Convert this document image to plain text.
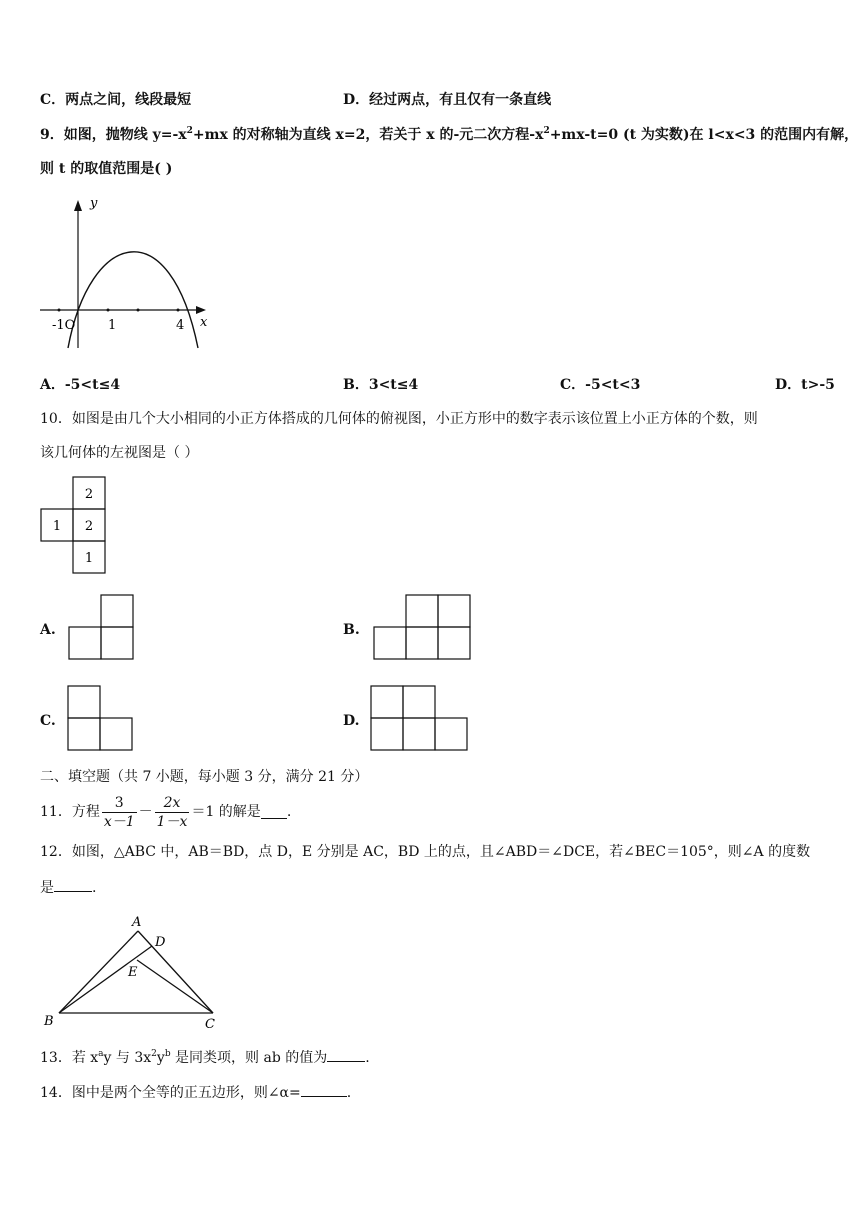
C．两点之间，线段最短	D．经过两点，有且仅有一条直线
9．如图，抛物线 $y=-x^2+mx$ 的对称轴为直线 x=2，若关于 x 的-元二次方程$-x^2+mx-t=0$ (t 为实数)在 l<x<3 的范围内有解，
则 t 的取值范围是( )
y
x
-1O	1	4
A．-5<t≤4	B．3<t≤4	C．-5<t<3	D．t>-5
10．如图是由几个大小相同的小正方体搭成的几何体的俯视图，小正方形中的数字表示该位置上小正方体的个数，则
该几何体的左视图是（ ）
2
1 2
1
A.	B.
C.	D.
二、填空题（共 7 小题，每小题 3 分，满分 21 分）
11．方程 $\frac{3}{x-1} - \frac{2x}{1-x} =1$ 的解是 .
12．如图，△ABC 中，AB＝BD，点 D，E 分别是 AC，BD 上的点，且∠ABD＝∠DCE，若∠BEC＝105°，则∠A 的度数
是	.
A
B	C
D
E
13．若 $x^ay$ 与 $3x^2y^b$ 是同类项，则 ab 的值为	.
14．图中是两个全等的正五边形，则∠α=	.
